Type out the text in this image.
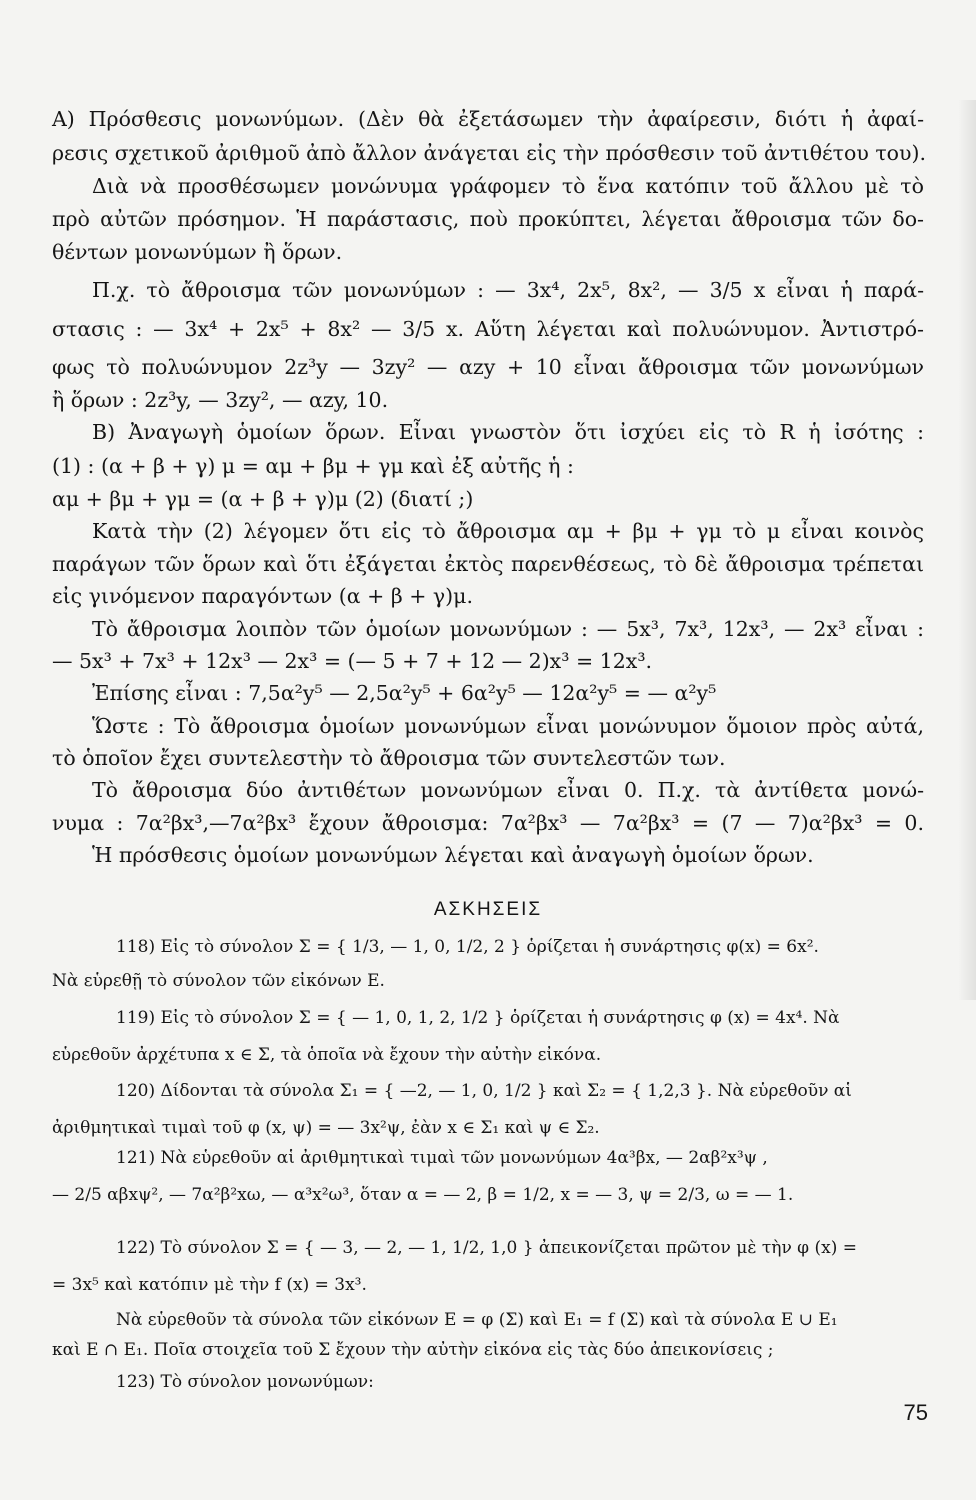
Α) Πρόσθεσις μονωνύμων. (Δὲν θὰ ἐξετάσωμεν τὴν ἀφαίρεσιν, διότι ἡ ἀφαί-
ρεσις σχετικοῦ ἀριθμοῦ ἀπὸ ἄλλον ἀνάγεται εἰς τὴν πρόσθεσιν τοῦ ἀντιθέτου του).
Διὰ νὰ προσθέσωμεν μονώνυμα γράφομεν τὸ ἕνα κατόπιν τοῦ ἄλλου μὲ τὸ
πρὸ αὐτῶν πρόσημον. Ἡ παράστασις, ποὺ προκύπτει, λέγεται ἄθροισμα τῶν δο-
θέντων μονωνύμων ἢ ὅρων.
Π.χ. τὸ ἄθροισμα τῶν μονωνύμων : — 3x⁴, 2x⁵, 8x², — 3/5 x εἶναι ἡ παρά-
στασις : — 3x⁴ + 2x⁵ + 8x² — 3/5 x. Αὕτη λέγεται καὶ πολυώνυμον. Ἀντιστρό-
φως τὸ πολυώνυμον 2z³y — 3zy² — αzy + 10 εἶναι ἄθροισμα τῶν μονωνύμων
ἢ ὅρων : 2z³y, — 3zy², — αzy, 10.
Β) Ἀναγωγὴ ὁμοίων ὅρων. Εἶναι γνωστὸν ὅτι ἰσχύει εἰς τὸ R ἡ ἰσότης :
(1) : (α + β + γ) μ = αμ + βμ + γμ καὶ ἐξ αὐτῆς ἡ :
αμ + βμ + γμ = (α + β + γ)μ (2) (διατί ;)
Κατὰ τὴν (2) λέγομεν ὅτι εἰς τὸ ἄθροισμα αμ + βμ + γμ τὸ μ εἶναι κοινὸς
παράγων τῶν ὅρων καὶ ὅτι ἐξάγεται ἐκτὸς παρενθέσεως, τὸ δὲ ἄθροισμα τρέπεται
εἰς γινόμενον παραγόντων (α + β + γ)μ.
Τὸ ἄθροισμα λοιπὸν τῶν ὁμοίων μονωνύμων : — 5x³, 7x³, 12x³, — 2x³ εἶναι :
— 5x³ + 7x³ + 12x³ — 2x³ = (— 5 + 7 + 12 — 2)x³ = 12x³.
Ἐπίσης εἶναι : 7,5α²y⁵ — 2,5α²y⁵ + 6α²y⁵ — 12α²y⁵ = — α²y⁵
Ὥστε : Τὸ ἄθροισμα ὁμοίων μονωνύμων εἶναι μονώνυμον ὅμοιον πρὸς αὐτά,
τὸ ὁποῖον ἔχει συντελεστὴν τὸ ἄθροισμα τῶν συντελεστῶν των.
Τὸ ἄθροισμα δύο ἀντιθέτων μονωνύμων εἶναι 0. Π.χ. τὰ ἀντίθετα μονώ-
νυμα : 7α²βx³,—7α²βx³ ἔχουν ἄθροισμα: 7α²βx³ — 7α²βx³ = (7 — 7)α²βx³ = 0.
Ἡ πρόσθεσις ὁμοίων μονωνύμων λέγεται καὶ ἀναγωγὴ ὁμοίων ὅρων.
ΑΣΚΗΣΕΙΣ
118) Εἰς τὸ σύνολον Σ = { 1/3, — 1, 0, 1/2, 2 } ὁρίζεται ἡ συνάρτησις φ(x) = 6x².
Νὰ εὑρεθῇ τὸ σύνολον τῶν εἰκόνων Ε.
119) Εἰς τὸ σύνολον Σ = { — 1, 0, 1, 2, 1/2 } ὁρίζεται ἡ συνάρτησις φ (x) = 4x⁴. Νὰ
εὑρεθοῦν ἀρχέτυπα x ∈ Σ, τὰ ὁποῖα νὰ ἔχουν τὴν αὐτὴν εἰκόνα.
120) Δίδονται τὰ σύνολα Σ₁ = { —2, — 1, 0, 1/2 } καὶ Σ₂ = { 1,2,3 }. Νὰ εὑρεθοῦν αἱ
ἀριθμητικαὶ τιμαὶ τοῦ φ (x, ψ) = — 3x²ψ, ἐὰν x ∈ Σ₁ καὶ ψ ∈ Σ₂.
121) Νὰ εὑρεθοῦν αἱ ἀριθμητικαὶ τιμαὶ τῶν μονωνύμων 4α³βx, — 2αβ²x³ψ ,
— 2/5 αβxψ², — 7α²β²xω, — α³x²ω³, ὅταν α = — 2, β = 1/2, x = — 3, ψ = 2/3, ω = — 1.
122) Τὸ σύνολον Σ = { — 3, — 2, — 1, 1/2, 1,0 } ἀπεικονίζεται πρῶτον μὲ τὴν φ (x) =
= 3x⁵ καὶ κατόπιν μὲ τὴν f (x) = 3x³.
Νὰ εὑρεθοῦν τὰ σύνολα τῶν εἰκόνων Ε = φ (Σ) καὶ Ε₁ = f (Σ) καὶ τὰ σύνολα Ε ∪ Ε₁
καὶ Ε ∩ Ε₁. Ποῖα στοιχεῖα τοῦ Σ ἔχουν τὴν αὐτὴν εἰκόνα εἰς τὰς δύο ἀπεικονίσεις ;
123) Τὸ σύνολον μονωνύμων:
75
